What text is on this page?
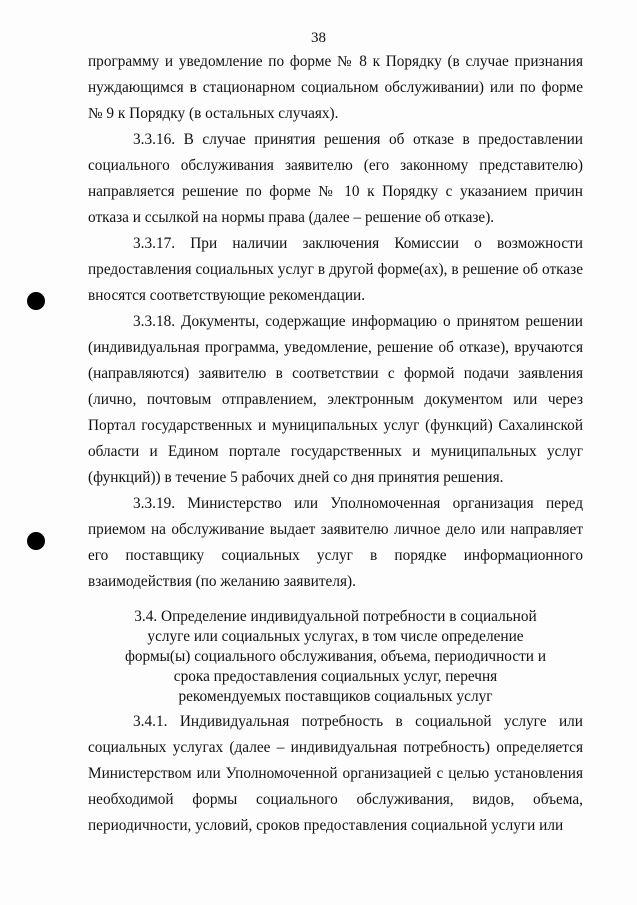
38

программу и уведомление по форме № 8 к Порядку (в случае признания нуждающимся в стационарном социальном обслуживании) или по форме № 9 к Порядку (в остальных случаях).

3.3.16. В случае принятия решения об отказе в предоставлении социального обслуживания заявителю (его законному представителю) направляется решение по форме № 10 к Порядку с указанием причин отказа и ссылкой на нормы права (далее – решение об отказе).

3.3.17. При наличии заключения Комиссии о возможности предоставления социальных услуг в другой форме(ах), в решение об отказе вносятся соответствующие рекомендации.

3.3.18. Документы, содержащие информацию о принятом решении (индивидуальная программа, уведомление, решение об отказе), вручаются (направляются) заявителю в соответствии с формой подачи заявления (лично, почтовым отправлением, электронным документом или через Портал государственных и муниципальных услуг (функций) Сахалинской области и Едином портале государственных и муниципальных услуг (функций)) в течение 5 рабочих дней со дня принятия решения.

3.3.19. Министерство или Уполномоченная организация перед приемом на обслуживание выдает заявителю личное дело или направляет его поставщику социальных услуг в порядке информационного взаимодействия (по желанию заявителя).

3.4. Определение индивидуальной потребности в социальной
услуге или социальных услугах, в том числе определение
формы(ы) социального обслуживания, объема, периодичности и
срока предоставления социальных услуг, перечня
рекомендуемых поставщиков социальных услуг

3.4.1. Индивидуальная потребность в социальной услуге или социальных услугах (далее – индивидуальная потребность) определяется Министерством или Уполномоченной организацией с целью установления необходимой формы социального обслуживания, видов, объема, периодичности, условий, сроков предоставления социальной услуги или
